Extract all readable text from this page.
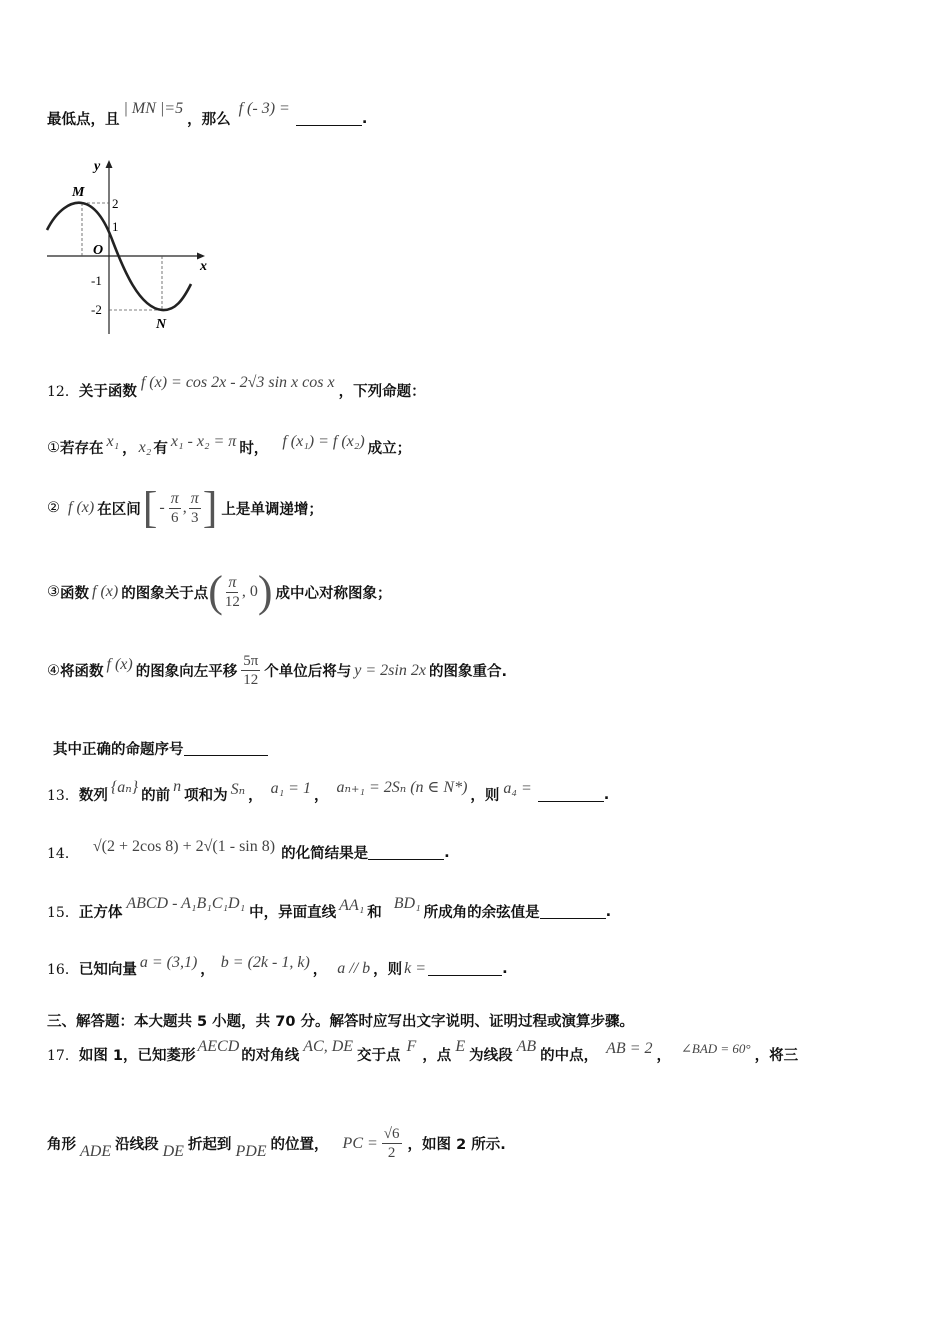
最低点，且
| MN |=5
，那么
f (- 3) =
.
y
x
O
M
N
2
1
-1
-2
12． 关于函数
f (x) = cos 2x - 2√3 sin x cos x
，下列命题：
① 若存在 x₁ ， x₂ 有 x₁ - x₂ = π 时， f (x₁) = f (x₂) 成立；
② f (x) 在区间 [ - $\frac{\pi}{6}$ , $\frac{\pi}{3}$ ] 上是单调递增；
③ 函数 f (x) 的图象关于点 ( $\frac{\pi}{12}$ , 0 ) 成中心对称图象；
④ 将函数 f (x) 的图象向左平移 $\frac{5\pi}{12}$ 个单位后将与 y = 2sin 2x 的图象重合.
其中正确的命题序号
13． 数列
{aₙ}
的前
n
项和为 Sₙ ， a₁ = 1 ，
aₙ₊₁ = 2Sₙ (n ∈ N*)
，则 a₄ =	.
14． √(2 + 2cos 8) + 2√(1 - sin 8) 的化简结果是	.
15． 正方体
ABCD - A₁B₁C₁D₁
中，异面直线 AA₁ 和
BD₁
所成角的余弦值是	.
16． 已知向量 a = (3,1) ， b = (2k - 1, k) ， a // b ，则 k =	.
三、解答题：本大题共 5 小题，共 70 分。解答时应写出文字说明、证明过程或演算步骤。
17． 如图 1，已知菱形
AECD
的对角线
AC, DE
交于点
F
，点
E
为线段
AB
的中点， AB = 2 ， ∠BAD = 60° ，将三
角形 ADE 沿线段 DE 折起到 PDE 的位置， PC = $\frac{√6}{2}$ ，如图 2 所示.
